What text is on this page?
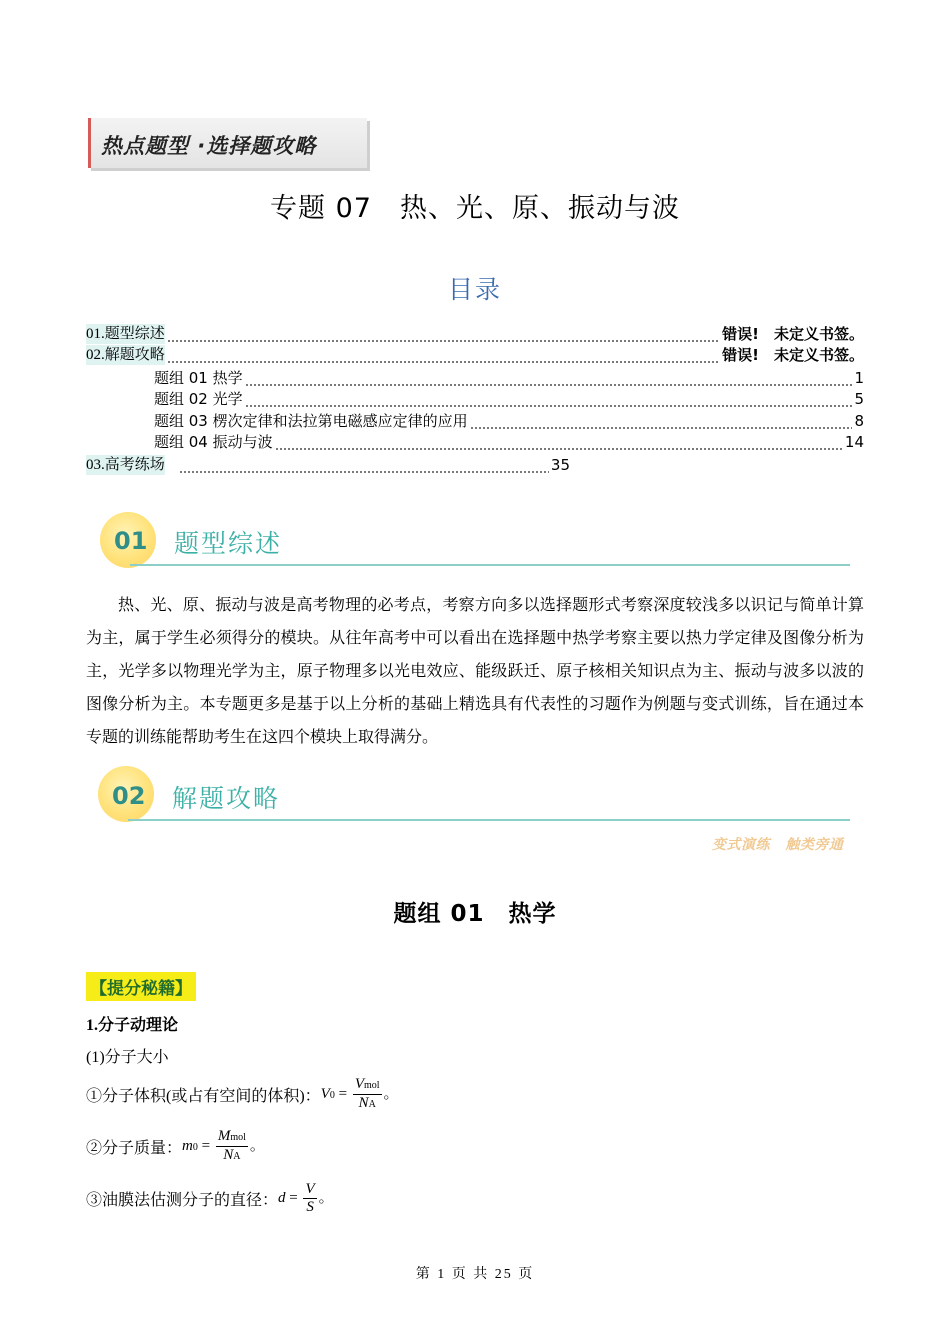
热点题型 ·选择题攻略
专题 07　热、光、原、振动与波
目录
01.题型综述	错误!　未定义书签。
02.解题攻略	错误!　未定义书签。
题组 01 热学	1
题组 02 光学	5
题组 03 楞次定律和法拉第电磁感应定律的应用	8
题组 04 振动与波	14
03.高考练场	35
01 题型综述
热、光、原、振动与波是高考物理的必考点，考察方向多以选择题形式考察深度较浅多以识记与简单计算为主，属于学生必须得分的模块。从往年高考中可以看出在选择题中热学考察主要以热力学定律及图像分析为主，光学多以物理光学为主，原子物理多以光电效应、能级跃迁、原子核相关知识点为主、振动与波多以波的图像分析为主。本专题更多是基于以上分析的基础上精选具有代表性的习题作为例题与变式训练，旨在通过本专题的训练能帮助考生在这四个模块上取得满分。
02 解题攻略
变式演练 触类旁通
题组 01　热学
【提分秘籍】
1.分子动理论
(1)分子大小
①分子体积(或占有空间的体积)： $V0 = \frac{\text{Vmol}}{NA}$ 。
②分子质量： $m0 = \frac{\text{Mmol}}{NA}$ 。
③油膜法估测分子的直径： $d = \frac{V}{S}$ 。
第 1 页 共 25 页
